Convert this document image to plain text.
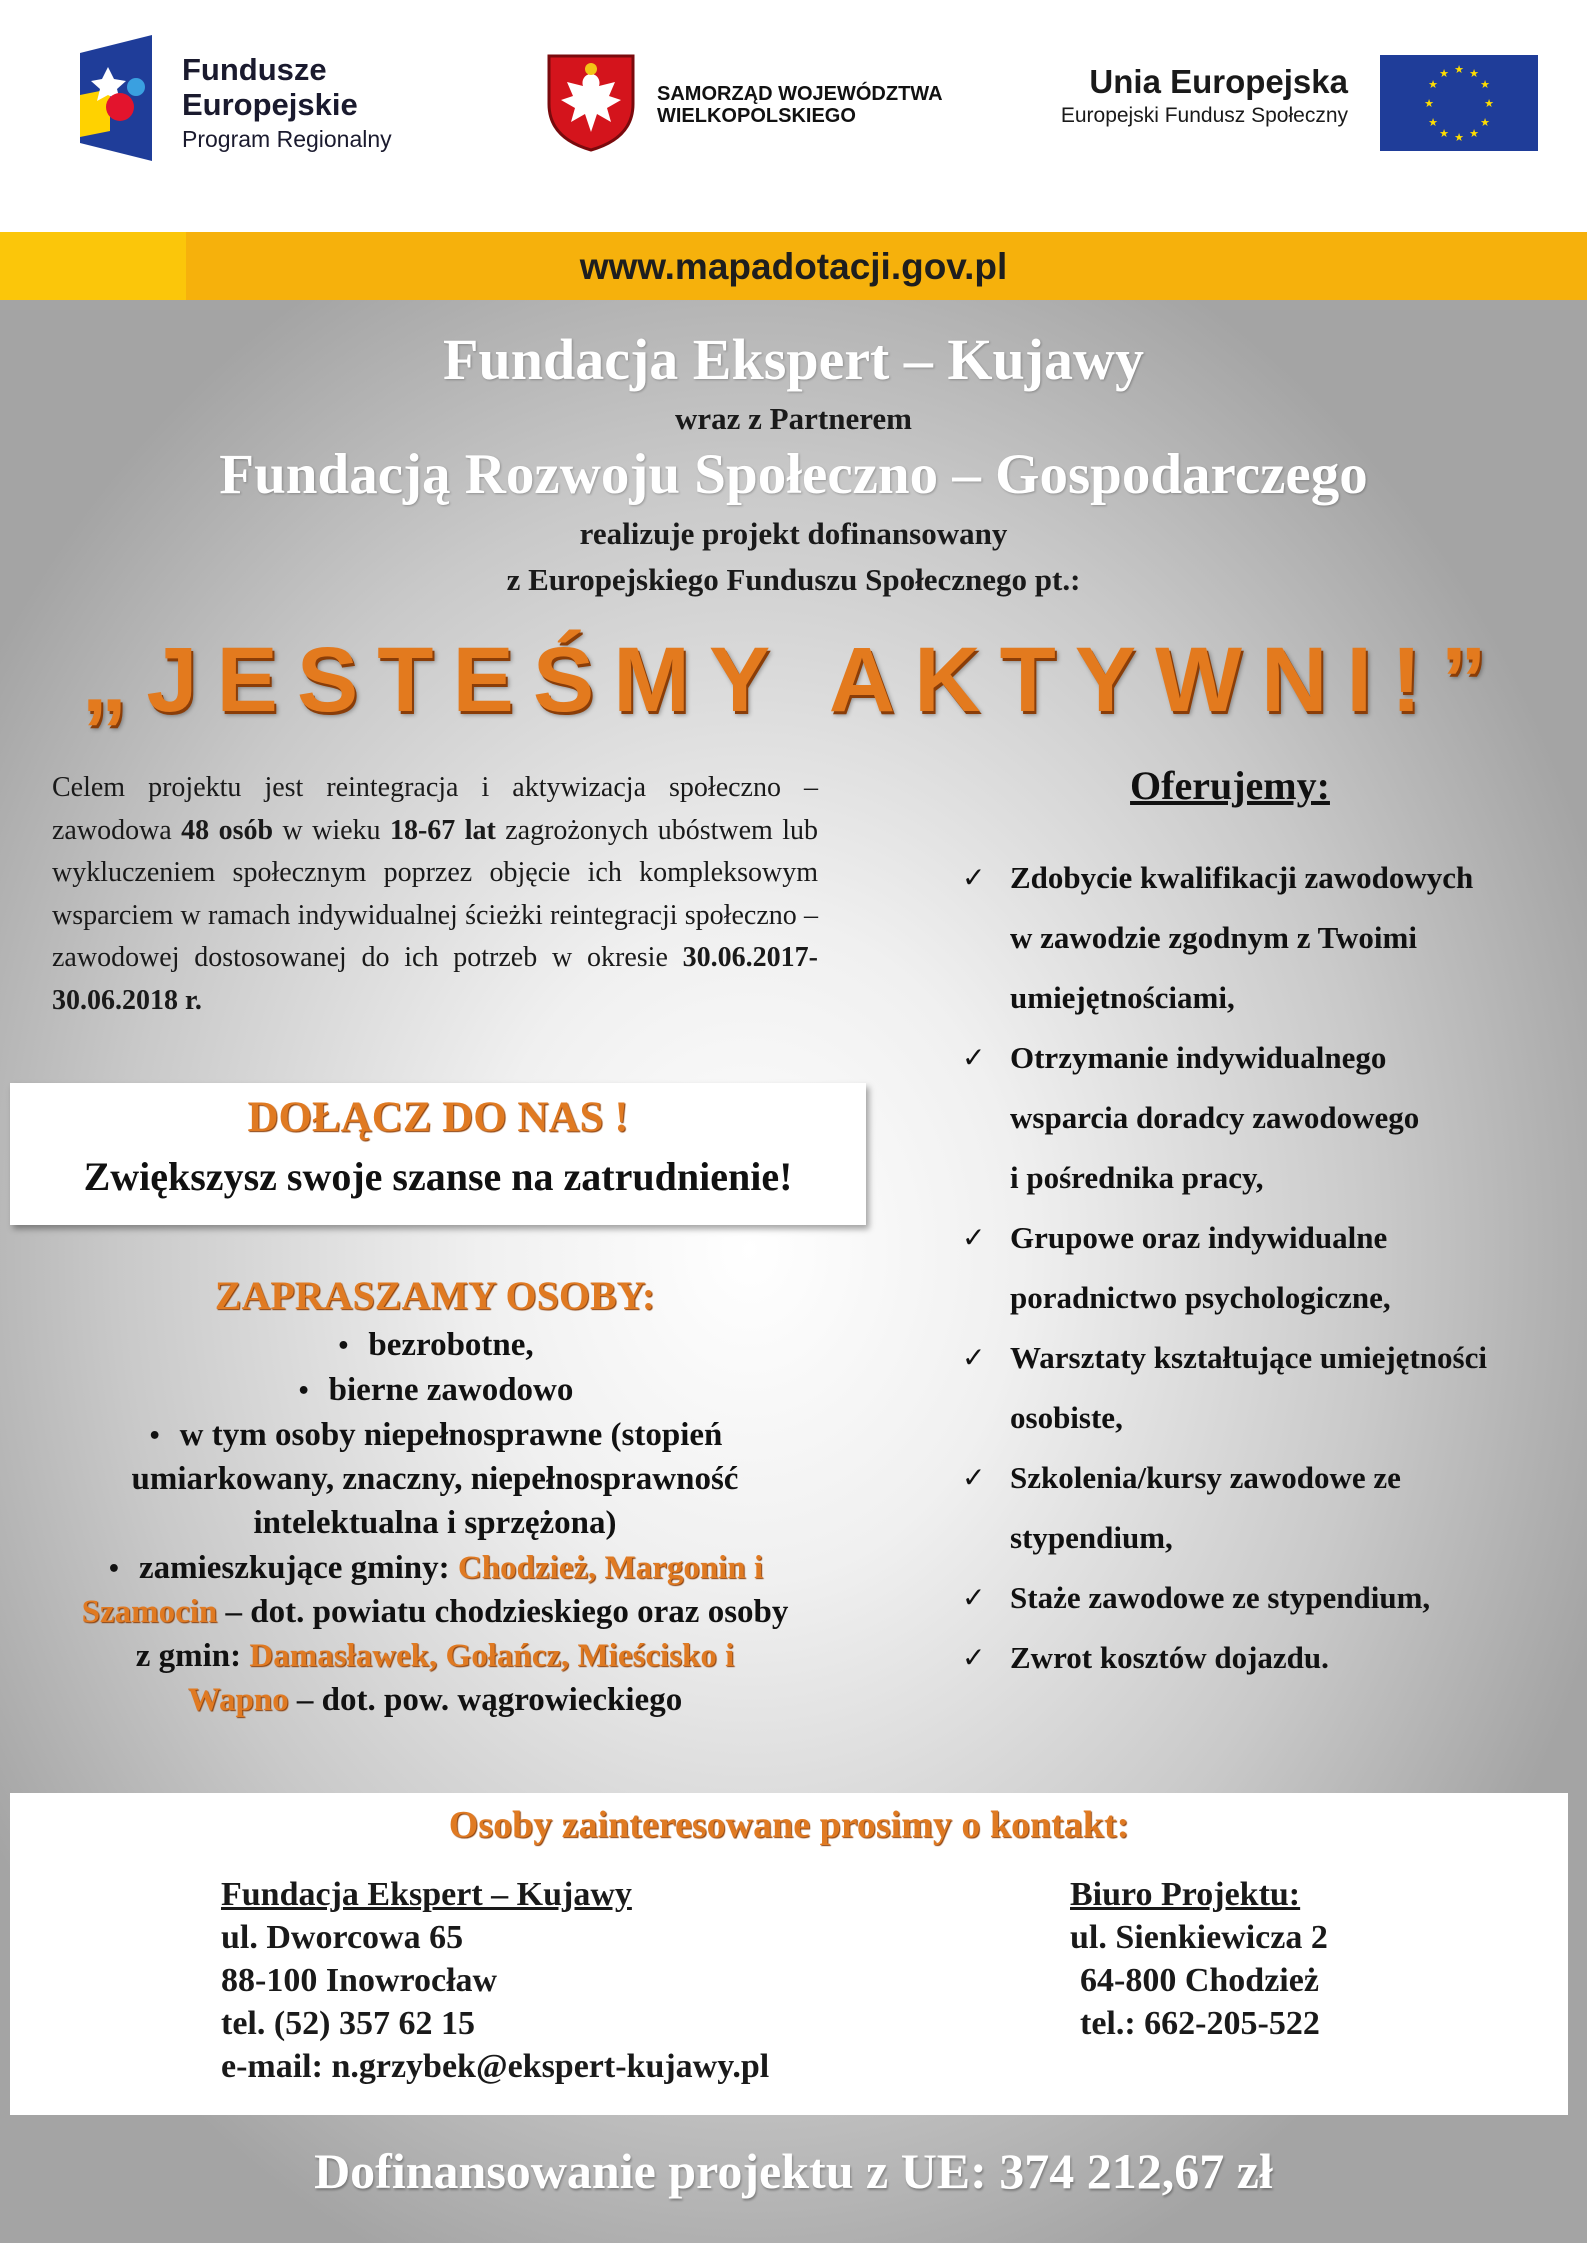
Fundusze
Europejskie
Program Regionalny
SAMORZĄD WOJEWÓDZTWA
WIELKOPOLSKIEGO
Unia Europejska
Europejski Fundusz Społeczny
★ ★
★
★
★
★
★
★
★
★
★
★
www.mapadotacji.gov.pl
Fundacja Ekspert – Kujawy
wraz z Partnerem
Fundacją Rozwoju Społeczno – Gospodarczego
realizuje projekt dofinansowany
z Europejskiego Funduszu Społecznego pt.:
„JESTEŚMY AKTYWNI!”
Celem projektu jest reintegracja i aktywizacja społeczno – zawodowa 48 osób w wieku 18-67 lat zagrożonych ubóstwem lub wykluczeniem społecznym poprzez objęcie ich kompleksowym wsparciem w ramach indywidualnej ścieżki reintegracji społeczno – zawodowej dostosowanej do ich potrzeb w okresie 30.06.2017-30.06.2018 r.
Oferujemy:
✓ Zdobycie kwalifikacji zawodowych
w zawodzie zgodnym z Twoimi
umiejętnościami,
✓ Otrzymanie indywidualnego
wsparcia doradcy zawodowego
i pośrednika pracy,
✓ Grupowe oraz indywidualne
poradnictwo psychologiczne,
✓ Warsztaty kształtujące umiejętności
osobiste,
✓ Szkolenia/kursy zawodowe ze
stypendium,
✓ Staże zawodowe ze stypendium,
✓ Zwrot kosztów dojazdu.
DOŁĄCZ DO NAS !
Zwiększysz swoje szanse na zatrudnienie!
ZAPRASZAMY OSOBY:
• bezrobotne,
• bierne zawodowo
• w tym osoby niepełnosprawne (stopień
umiarkowany, znaczny, niepełnosprawność
intelektualna i sprzężona)
• zamieszkujące gminy: Chodzież, Margonin i
Szamocin – dot. powiatu chodzieskiego oraz osoby
z gmin: Damasławek, Gołańcz, Mieścisko i
Wapno – dot. pow. wągrowieckiego
Osoby zainteresowane prosimy o kontakt:
Fundacja Ekspert – Kujawy
ul. Dworcowa 65
88-100 Inowrocław
tel. (52) 357 62 15
e-mail: n.grzybek@ekspert-kujawy.pl
Biuro Projektu:
ul. Sienkiewicza 2
64-800 Chodzież
tel.: 662-205-522
Dofinansowanie projektu z UE: 374 212,67 zł
